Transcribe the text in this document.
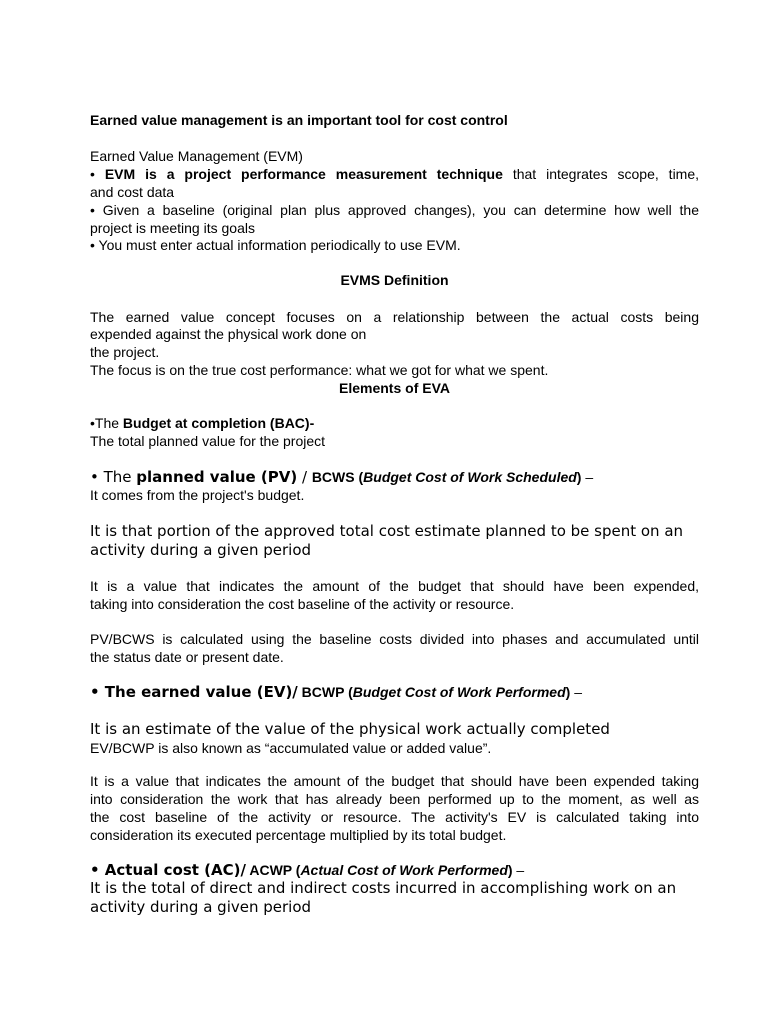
Earned value management is an important tool for cost control
Earned Value Management (EVM)
• EVM is a project performance measurement technique that integrates scope, time,
and cost data
• Given a baseline (original plan plus approved changes), you can determine how well the
project is meeting its goals
• You must enter actual information periodically to use EVM.
EVMS Definition
The earned value concept focuses on a relationship between the actual costs being
expended against the physical work done on
the project.
The focus is on the true cost performance: what we got for what we spent.
Elements of EVA
•The Budget at completion (BAC)-
The total planned value for the project
• The planned value (PV) / BCWS (Budget Cost of Work Scheduled) –
It comes from the project's budget.
It is that portion of the approved total cost estimate planned to be spent on an
activity during a given period
It is a value that indicates the amount of the budget that should have been expended,
taking into consideration the cost baseline of the activity or resource.
PV/BCWS is calculated using the baseline costs divided into phases and accumulated until
the status date or present date.
• The earned value (EV)/ BCWP (Budget Cost of Work Performed) –
It is an estimate of the value of the physical work actually completed
EV/BCWP is also known as “accumulated value or added value”.
It is a value that indicates the amount of the budget that should have been expended taking
into consideration the work that has already been performed up to the moment, as well as
the cost baseline of the activity or resource. The activity's EV is calculated taking into
consideration its executed percentage multiplied by its total budget.
• Actual cost (AC)/ ACWP (Actual Cost of Work Performed) –
It is the total of direct and indirect costs incurred in accomplishing work on an
activity during a given period
